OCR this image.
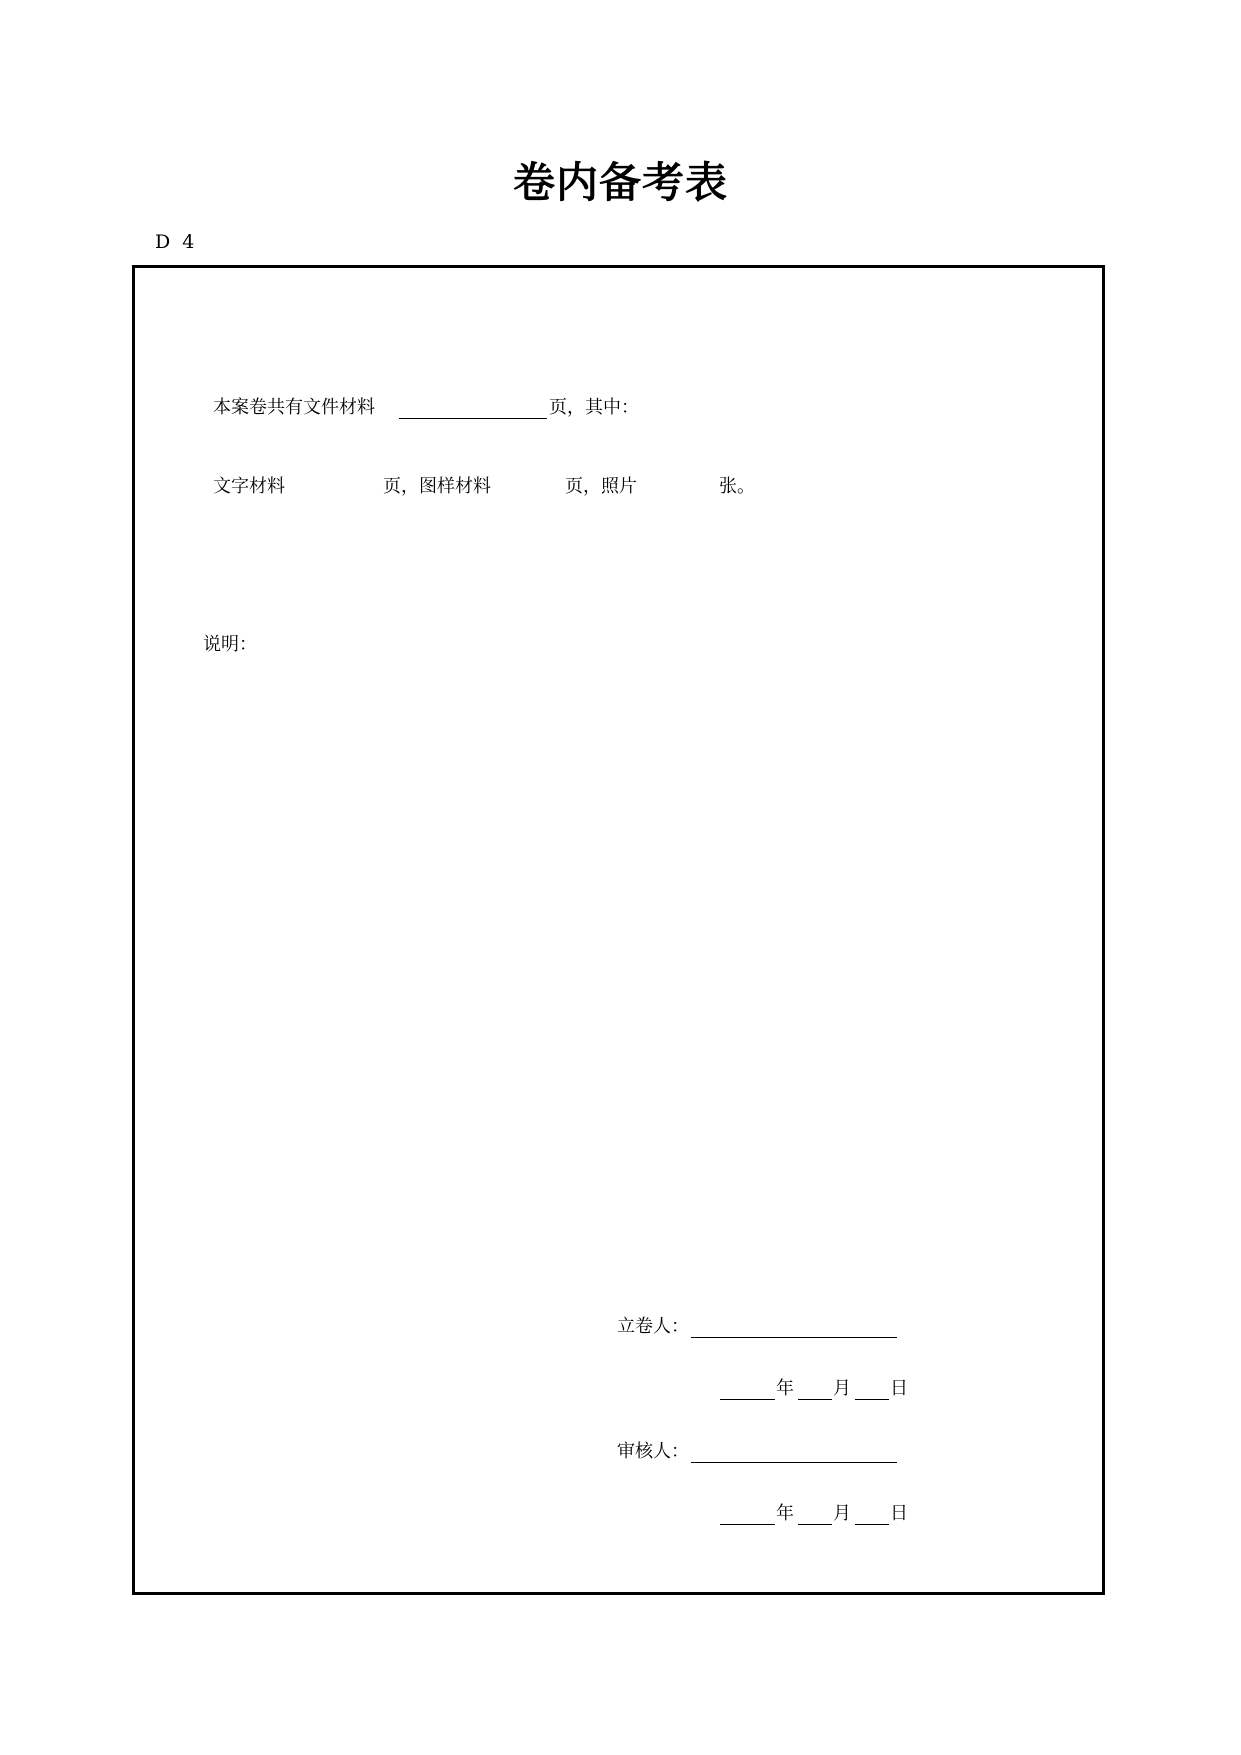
卷内备考表
D 4
本案卷共有文件材料	页，其中：
文字材料	页，图样材料	页，照片	张。
说明：
立卷人：
年 月 日
审核人：
年 月 日
